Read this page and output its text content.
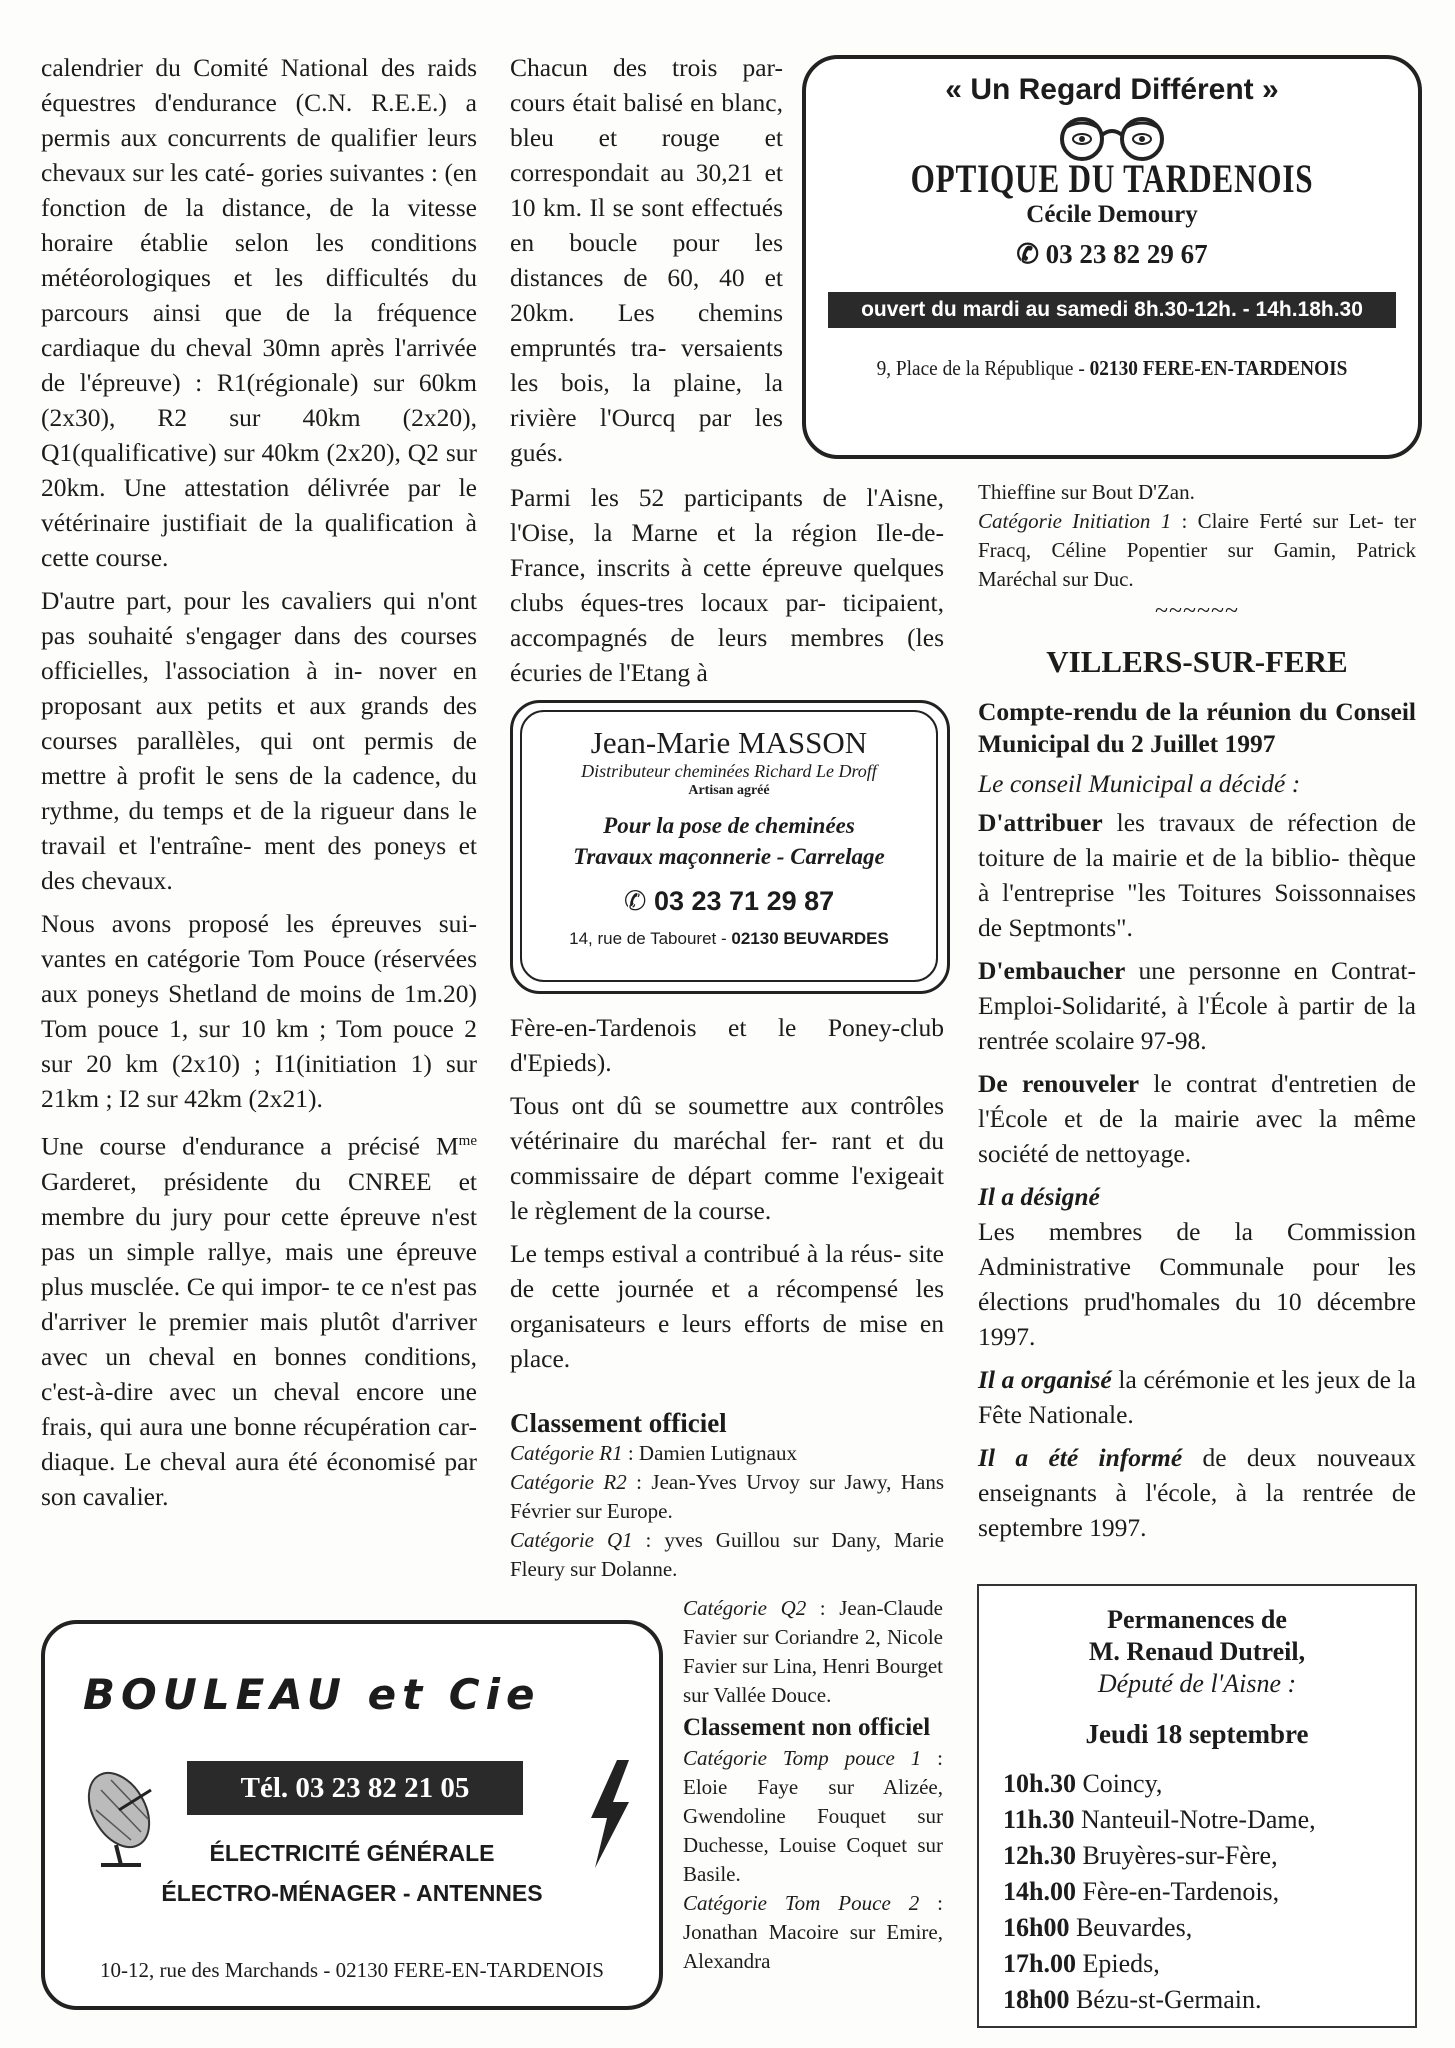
calendrier du Comité National des raids équestres d'endurance (C.N. R.E.E.) a permis aux concurrents de qualifier leurs chevaux sur les caté- gories suivantes : (en fonction de la distance, de la vitesse horaire établie selon les conditions météorologiques et les difficultés du parcours ainsi que de la fréquence cardiaque du cheval 30mn après l'arrivée de l'épreuve) : R1(régionale) sur 60km (2x30), R2 sur 40km (2x20), Q1(qualificative) sur 40km (2x20), Q2 sur 20km. Une attestation délivrée par le vétérinaire justifiait de la qualification à cette course.

D'autre part, pour les cavaliers qui n'ont pas souhaité s'engager dans des courses officielles, l'association à in- nover en proposant aux petits et aux grands des courses parallèles, qui ont permis de mettre à profit le sens de la cadence, du rythme, du temps et de la rigueur dans le travail et l'entraîne- ment des poneys et des chevaux.

Nous avons proposé les épreuves sui- vantes en catégorie Tom Pouce (réservées aux poneys Shetland de moins de 1m.20) Tom pouce 1, sur 10 km ; Tom pouce 2 sur 20 km (2x10) ; I1(initiation 1) sur 21km ; I2 sur 42km (2x21).

Une course d'endurance a précisé $M^{me}$ Garderet, présidente du CNREE et membre du jury pour cette épreuve n'est pas un simple rallye, mais une épreuve plus musclée. Ce qui impor- te ce n'est pas d'arriver le premier mais plutôt d'arriver avec un cheval en bonnes conditions, c'est-à-dire avec un cheval encore une frais, qui aura une bonne récupération car- diaque. Le cheval aura été économisé par son cavalier.

Chacun des trois par- cours était balisé en blanc, bleu et rouge et correspondait au 30,21 et 10 km. Il se sont effectués en boucle pour les distances de 60, 40 et 20km. Les chemins empruntés tra- versaients les bois, la plaine, la rivière l'Ourcq par les gués.

Parmi les 52 participants de l'Aisne, l'Oise, la Marne et la région Ile-de- France, inscrits à cette épreuve quelques clubs éques-tres locaux par- ticipaient, accompagnés de leurs membres (les écuries de l'Etang à

Fère-en-Tardenois et le Poney-club d'Epieds).

Tous ont dû se soumettre aux contrôles vétérinaire du maréchal fer- rant et du commissaire de départ comme l'exigeait le règlement de la course.

Le temps estival a contribué à la réus- site de cette journée et a récompensé les organisateurs e leurs efforts de mise en place.

Classement officiel

Catégorie R1 : Damien Lutignaux

Catégorie R2 : Jean-Yves Urvoy sur Jawy, Hans Février sur Europe.

Catégorie Q1 : yves Guillou sur Dany, Marie Fleury sur Dolanne.

Catégorie Q2 : Jean-Claude Favier sur Coriandre 2, Nicole Favier sur Lina, Henri Bourget sur Vallée Douce.

Classement non officiel

Catégorie Tomp pouce 1 : Eloie Faye sur Alizée, Gwendoline Fouquet sur Duchesse, Louise Coquet sur Basile.

Catégorie Tom Pouce 2 : Jonathan Macoire sur Emire, Alexandra

Thieffine sur Bout D'Zan.

Catégorie Initiation 1 : Claire Ferté sur Let- ter Fracq, Céline Popentier sur Gamin, Patrick Maréchal sur Duc.

~~~~~~
VILLERS-SUR-FERE
Compte-rendu de la réunion du Conseil Municipal du 2 Juillet 1997

Le conseil Municipal a décidé :

D'attribuer les travaux de réfection de toiture de la mairie et de la biblio- thèque à l'entreprise "les Toitures Soissonnaises de Septmonts".

D'embaucher une personne en Contrat-Emploi-Solidarité, à l'École à partir de la rentrée scolaire 97-98.

De renouveler le contrat d'entretien de l'École et de la mairie avec la même société de nettoyage.

Il a désigné

Les membres de la Commission Administrative Communale pour les élections prud'homales du 10 décembre 1997.

Il a organisé la cérémonie et les jeux de la Fête Nationale.

Il a été informé de deux nouveaux enseignants à l'école, à la rentrée de septembre 1997.

« Un Regard Différent »
OPTIQUE DU TARDENOIS
Cécile Demoury
✆ 03 23 82 29 67
ouvert du mardi au samedi 8h.30-12h. - 14h.18h.30
9, Place de la République - 02130 FERE-EN-TARDENOIS
Jean-Marie MASSON
Distributeur cheminées Richard Le Droff
Artisan agréé
Pour la pose de cheminées
Travaux maçonnerie - Carrelage
✆ 03 23 71 29 87
14, rue de Tabouret - 02130 BEUVARDES
BOULEAU et Cie
Tél. 03 23 82 21 05
ÉLECTRICITÉ GÉNÉRALE
ÉLECTRO-MÉNAGER - ANTENNES
10-12, rue des Marchands - 02130 FERE-EN-TARDENOIS
Permanences de
M. Renaud Dutreil,
Député de l'Aisne :
Jeudi 18 septembre
10h.30 Coincy,
11h.30 Nanteuil-Notre-Dame,
12h.30 Bruyères-sur-Fère,
14h.00 Fère-en-Tardenois,
16h00 Beuvardes,
17h.00 Epieds,
18h00 Bézu-st-Germain.
